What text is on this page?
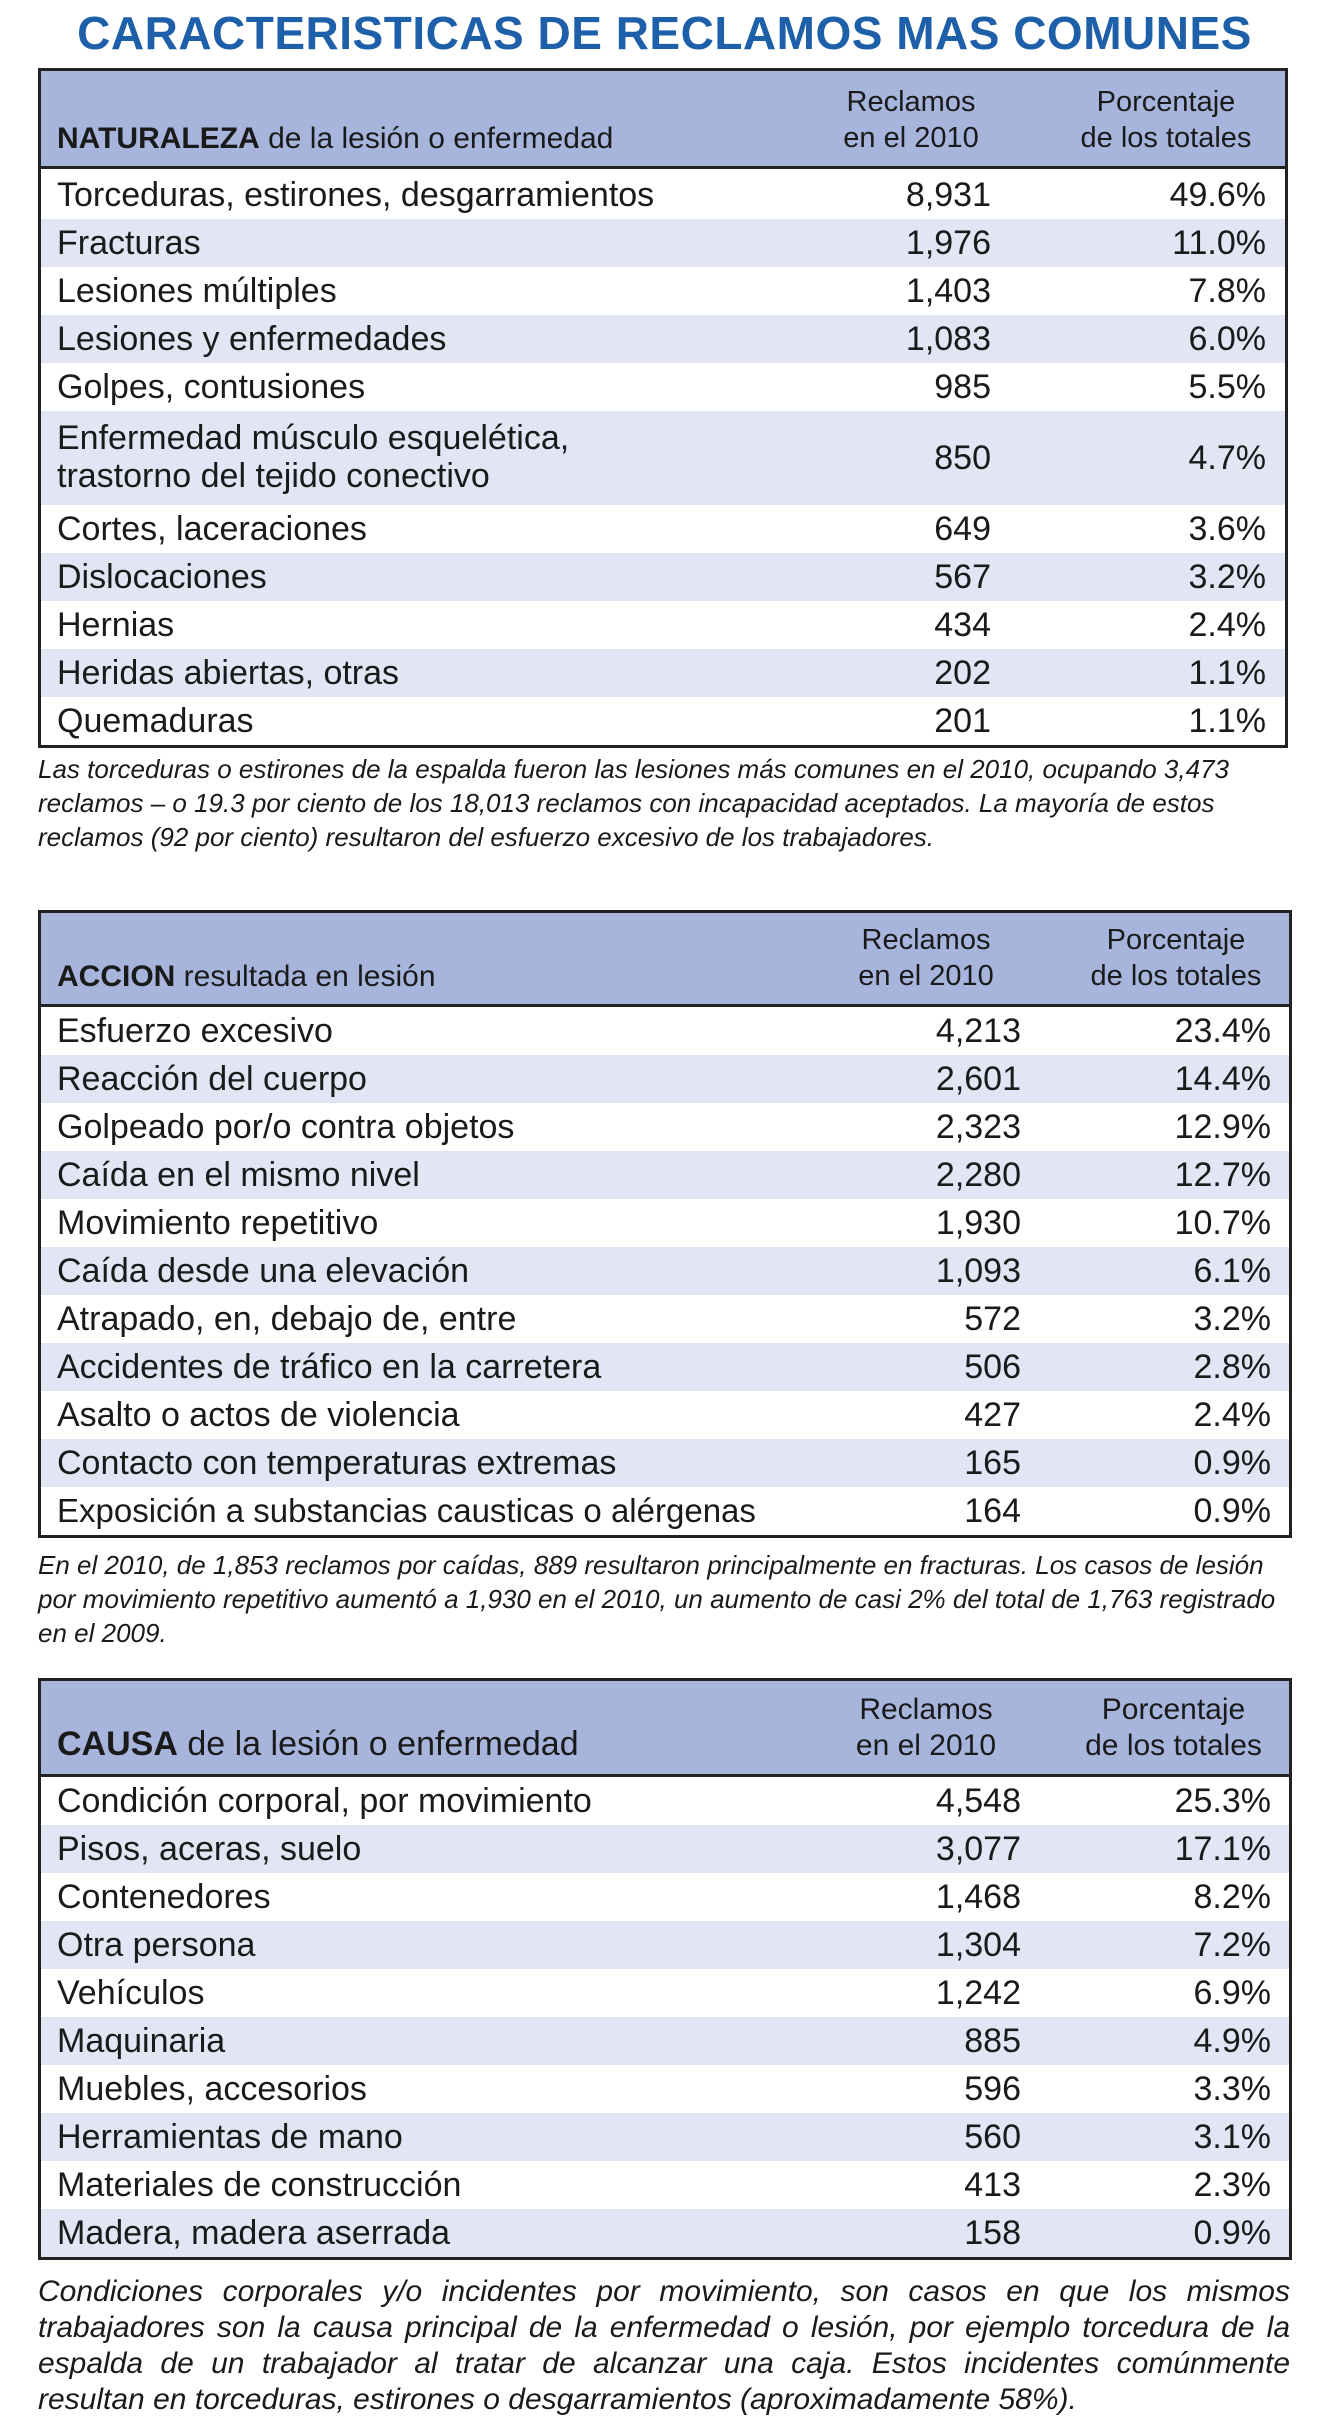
CARACTERISTICAS DE RECLAMOS MAS COMUNES
NATURALEZA de la lesión o enfermedad
Reclamos
en el 2010
Porcentaje
de los totales
Torceduras, estirones, desgarramientos	8,931	49.6%
Fracturas	1,976	11.0%
Lesiones múltiples	1,403	7.8%
Lesiones y enfermedades	1,083	6.0%
Golpes, contusiones	985	5.5%
Enfermedad músculo esquelética,
trastorno del tejido conectivo	850	4.7%
Cortes, laceraciones	649	3.6%
Dislocaciones	567	3.2%
Hernias	434	2.4%
Heridas abiertas, otras	202	1.1%
Quemaduras	201	1.1%
Las torceduras o estirones de la espalda fueron las lesiones más comunes en el 2010, ocupando 3,473 reclamos – o 19.3 por ciento de los 18,013 reclamos con incapacidad aceptados. La mayoría de estos reclamos (92 por ciento) resultaron del esfuerzo excesivo de los trabajadores.
ACCION resultada en lesión
Reclamos
en el 2010
Porcentaje
de los totales
Esfuerzo excesivo	4,213	23.4%
Reacción del cuerpo	2,601	14.4%
Golpeado por/o contra objetos	2,323	12.9%
Caída en el mismo nivel	2,280	12.7%
Movimiento repetitivo	1,930	10.7%
Caída desde una elevación	1,093	6.1%
Atrapado, en, debajo de, entre	572	3.2%
Accidentes de tráfico en la carretera	506	2.8%
Asalto o actos de violencia	427	2.4%
Contacto con temperaturas extremas	165	0.9%
Exposición a substancias causticas o alérgenas	164	0.9%
En el 2010, de 1,853 reclamos por caídas, 889 resultaron principalmente en fracturas. Los casos de lesión por movimiento repetitivo aumentó a 1,930 en el 2010, un aumento de casi 2% del total de 1,763 registrado en el 2009.
CAUSA de la lesión o enfermedad
Reclamos
en el 2010
Porcentaje
de los totales
Condición corporal, por movimiento	4,548	25.3%
Pisos, aceras, suelo	3,077	17.1%
Contenedores	1,468	8.2%
Otra persona	1,304	7.2%
Vehículos	1,242	6.9%
Maquinaria	885	4.9%
Muebles, accesorios	596	3.3%
Herramientas de mano	560	3.1%
Materiales de construcción	413	2.3%
Madera, madera aserrada	158	0.9%
Condiciones corporales y/o incidentes por movimiento, son casos en que los mismos trabajadores son la causa principal de la enfermedad o lesión, por ejemplo torcedura de la espalda de un trabajador al tratar de alcanzar una caja. Estos incidentes comúnmente resultan en torceduras, estirones o desgarramientos (aproximadamente 58%).
